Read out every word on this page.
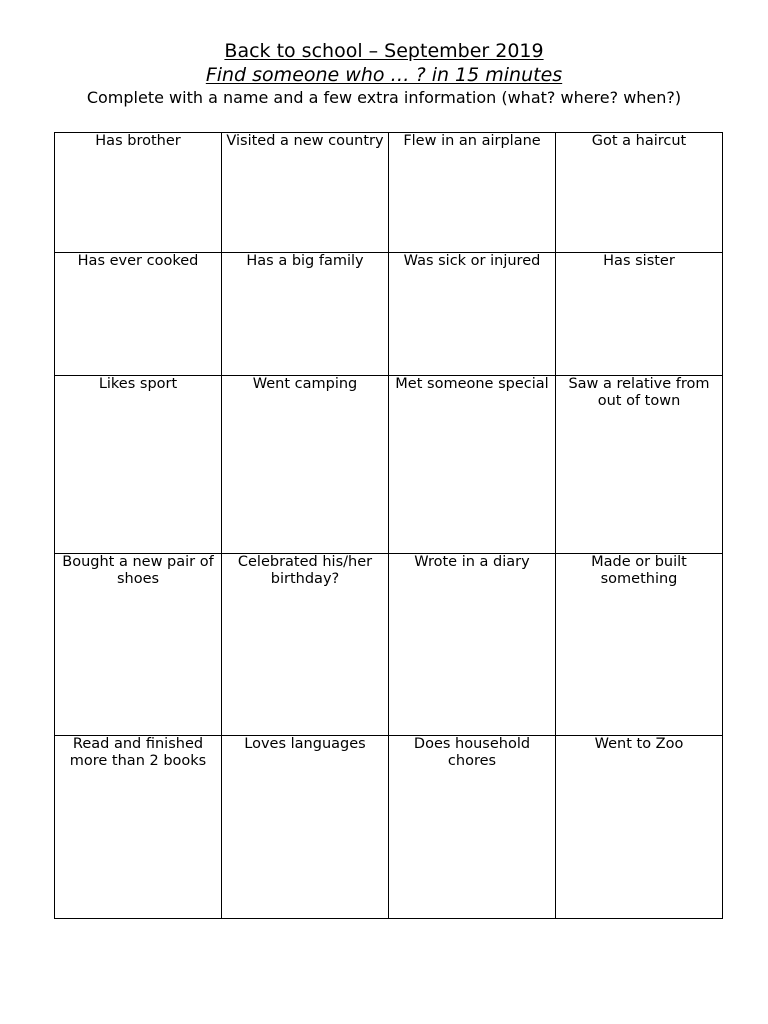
Back to school – September 2019
Find someone who … ? in 15 minutes
Complete with a name and a few extra information (what? where? when?)
Has brother	Visited a new country	Flew in an airplane	Got a haircut

Has ever cooked	Has a big family	Was sick or injured	Has sister

Likes sport	Went camping	Met someone special	Saw a relative from out of town

Bought a new pair of shoes	Celebrated his/her birthday?	Wrote in a diary	Made or built something

Read and finished more than 2 books	Loves languages	Does household chores	Went to Zoo
